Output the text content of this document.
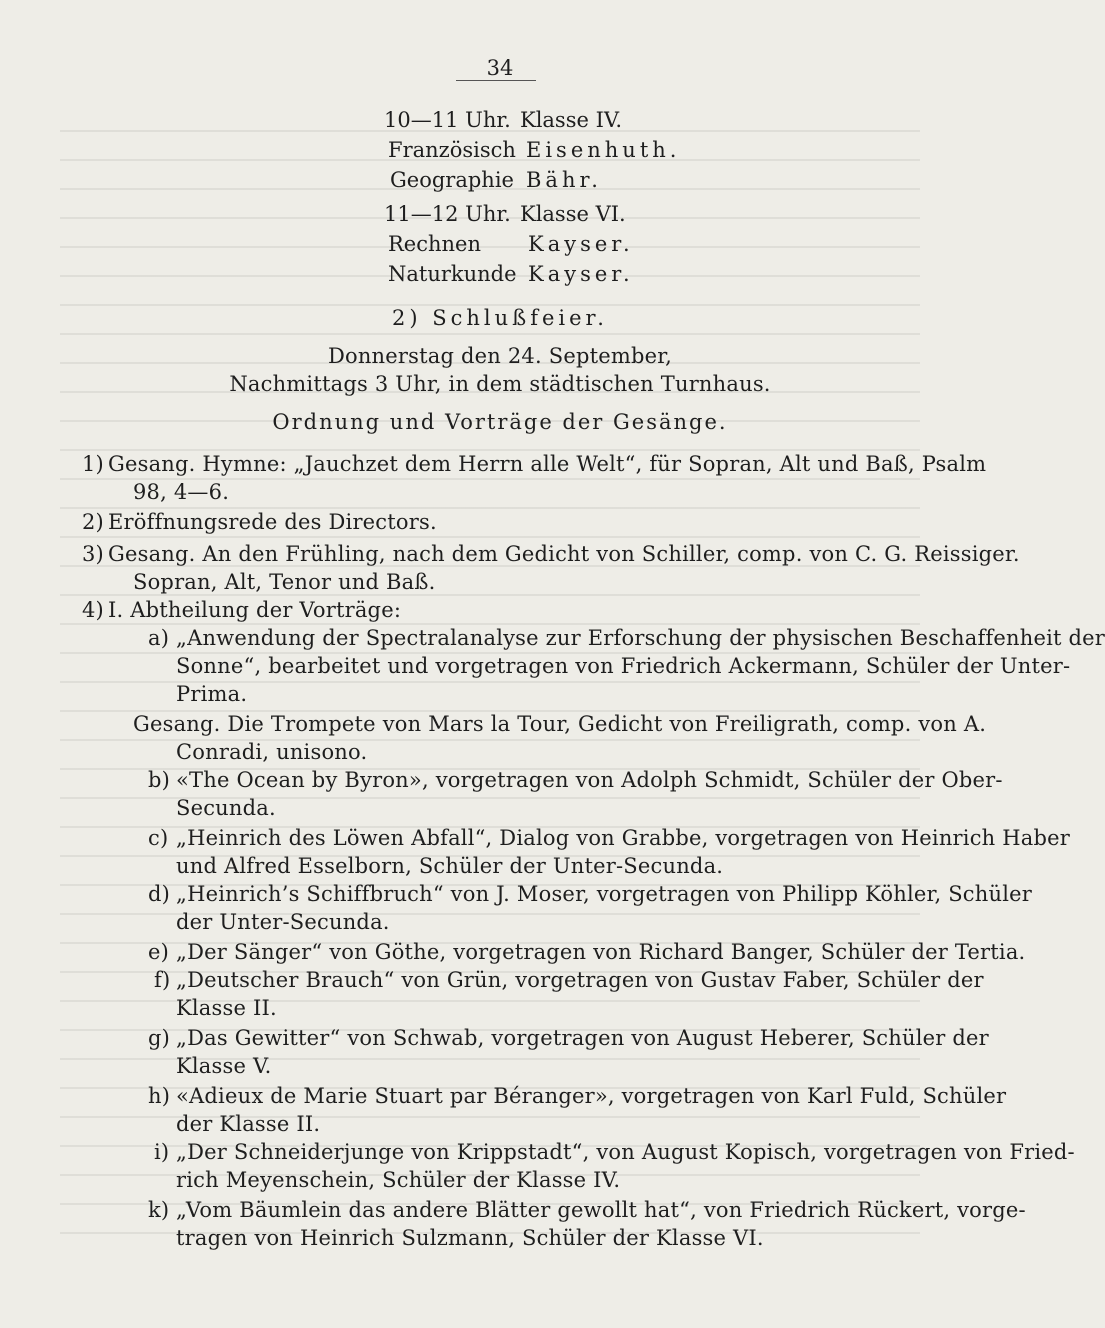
34
10—11 Uhr. Klasse IV.
Französisch Eisenhuth.
Geographie Bähr.
11—12 Uhr. Klasse VI.
Rechnen Kayser.
Naturkunde Kayser.
2) Schlußfeier.
Donnerstag den 24. September,
Nachmittags 3 Uhr, in dem städtischen Turnhaus.
Ordnung und Vorträge der Gesänge.
1) Gesang. Hymne: „Jauchzet dem Herrn alle Welt“, für Sopran, Alt und Baß, Psalm
98, 4—6.
2) Eröffnungsrede des Directors.
3) Gesang. An den Frühling, nach dem Gedicht von Schiller, comp. von C. G. Reissiger.
Sopran, Alt, Tenor und Baß.
4) I. Abtheilung der Vorträge:
a) „Anwendung der Spectralanalyse zur Erforschung der physischen Beschaffenheit der
Sonne“, bearbeitet und vorgetragen von Friedrich Ackermann, Schüler der Unter-
Prima.
Gesang. Die Trompete von Mars la Tour, Gedicht von Freiligrath, comp. von A.
Conradi, unisono.
b) «The Ocean by Byron», vorgetragen von Adolph Schmidt, Schüler der Ober-
Secunda.
c) „Heinrich des Löwen Abfall“, Dialog von Grabbe, vorgetragen von Heinrich Haber
und Alfred Esselborn, Schüler der Unter-Secunda.
d) „Heinrich’s Schiffbruch“ von J. Moser, vorgetragen von Philipp Köhler, Schüler
der Unter-Secunda.
e) „Der Sänger“ von Göthe, vorgetragen von Richard Banger, Schüler der Tertia.
f) „Deutscher Brauch“ von Grün, vorgetragen von Gustav Faber, Schüler der
Klasse II.
g) „Das Gewitter“ von Schwab, vorgetragen von August Heberer, Schüler der
Klasse V.
h) «Adieux de Marie Stuart par Béranger», vorgetragen von Karl Fuld, Schüler
der Klasse II.
i) „Der Schneiderjunge von Krippstadt“, von August Kopisch, vorgetragen von Fried-
rich Meyenschein, Schüler der Klasse IV.
k) „Vom Bäumlein das andere Blätter gewollt hat“, von Friedrich Rückert, vorge-
tragen von Heinrich Sulzmann, Schüler der Klasse VI.
